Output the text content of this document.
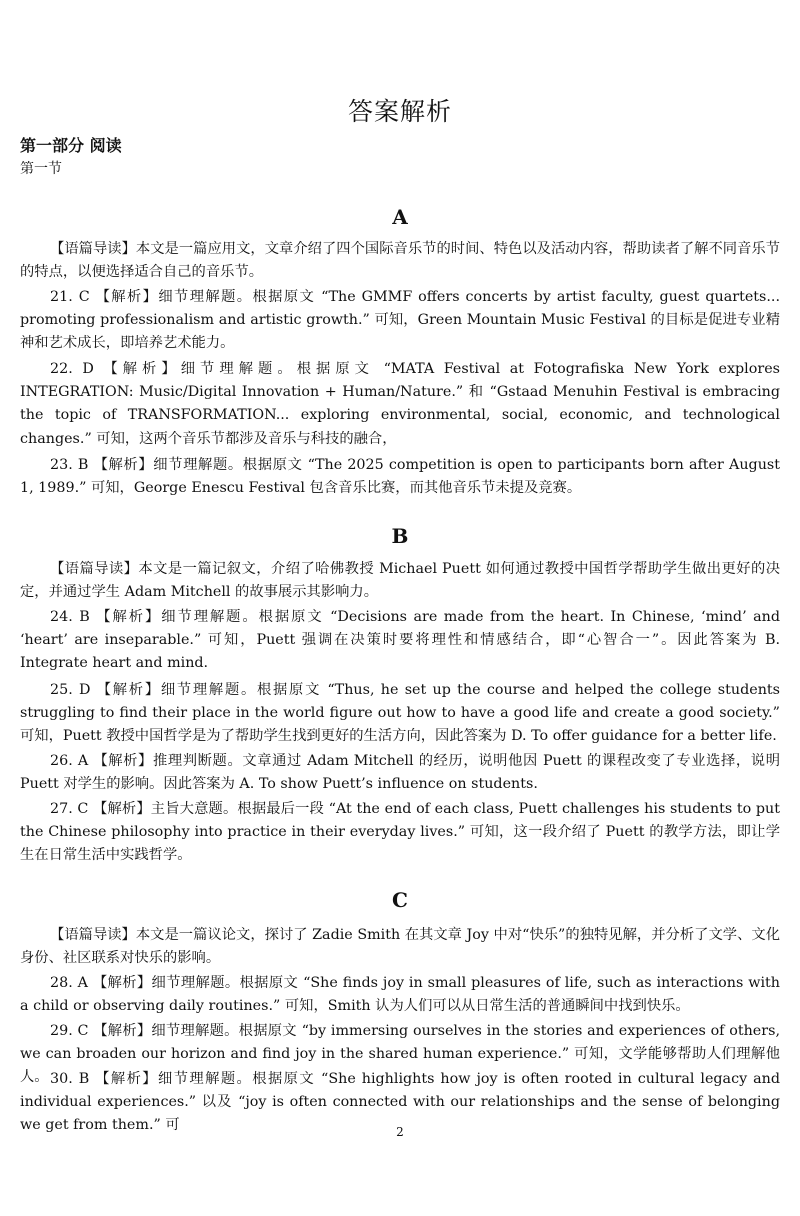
答案解析
第一部分 阅读
第一节
A
【语篇导读】本文是一篇应用文，文章介绍了四个国际音乐节的时间、特色以及活动内容，帮助读者了解不同音乐节的特点，以便选择适合自己的音乐节。
21. C 【解析】细节理解题。根据原文 “The GMMF offers concerts by artist faculty, guest quartets... promoting professionalism and artistic growth.” 可知，Green Mountain Music Festival 的目标是促进专业精神和艺术成长，即培养艺术能力。
22. D 【解析】细节理解题。根据原文 “MATA Festival at Fotografiska New York explores INTEGRATION: Music/Digital Innovation + Human/Nature.” 和 “Gstaad Menuhin Festival is embracing the topic of TRANSFORMATION... exploring environmental, social, economic, and technological changes.” 可知，这两个音乐节都涉及音乐与科技的融合，
23. B 【解析】细节理解题。根据原文 “The 2025 competition is open to participants born after August 1, 1989.” 可知，George Enescu Festival 包含音乐比赛，而其他音乐节未提及竞赛。
B
【语篇导读】本文是一篇记叙文，介绍了哈佛教授 Michael Puett 如何通过教授中国哲学帮助学生做出更好的决定，并通过学生 Adam Mitchell 的故事展示其影响力。
24. B 【解析】细节理解题。根据原文 “Decisions are made from the heart. In Chinese, ‘mind’ and ‘heart’ are inseparable.” 可知，Puett 强调在决策时要将理性和情感结合，即“心智合一”。因此答案为 B. Integrate heart and mind.
25. D 【解析】细节理解题。根据原文 “Thus, he set up the course and helped the college students struggling to find their place in the world figure out how to have a good life and create a good society.” 可知，Puett 教授中国哲学是为了帮助学生找到更好的生活方向，因此答案为 D. To offer guidance for a better life.
26. A 【解析】推理判断题。文章通过 Adam Mitchell 的经历，说明他因 Puett 的课程改变了专业选择，说明 Puett 对学生的影响。因此答案为 A. To show Puett’s influence on students.
27. C 【解析】主旨大意题。根据最后一段 “At the end of each class, Puett challenges his students to put the Chinese philosophy into practice in their everyday lives.” 可知，这一段介绍了 Puett 的教学方法，即让学生在日常生活中实践哲学。
C
【语篇导读】本文是一篇议论文，探讨了 Zadie Smith 在其文章 Joy 中对“快乐”的独特见解，并分析了文学、文化身份、社区联系对快乐的影响。
28. A 【解析】细节理解题。根据原文 “She finds joy in small pleasures of life, such as interactions with a child or observing daily routines.” 可知，Smith 认为人们可以从日常生活的普通瞬间中找到快乐。
29. C 【解析】细节理解题。根据原文 “by immersing ourselves in the stories and experiences of others, we can broaden our horizon and find joy in the shared human experience.” 可知，文学能够帮助人们理解他人。 30. B 【解析】细节理解题。根据原文 “She highlights how joy is often rooted in cultural legacy and individual experiences.” 以及 “joy is often connected with our relationships and the sense of belonging we get from them.” 可	2
